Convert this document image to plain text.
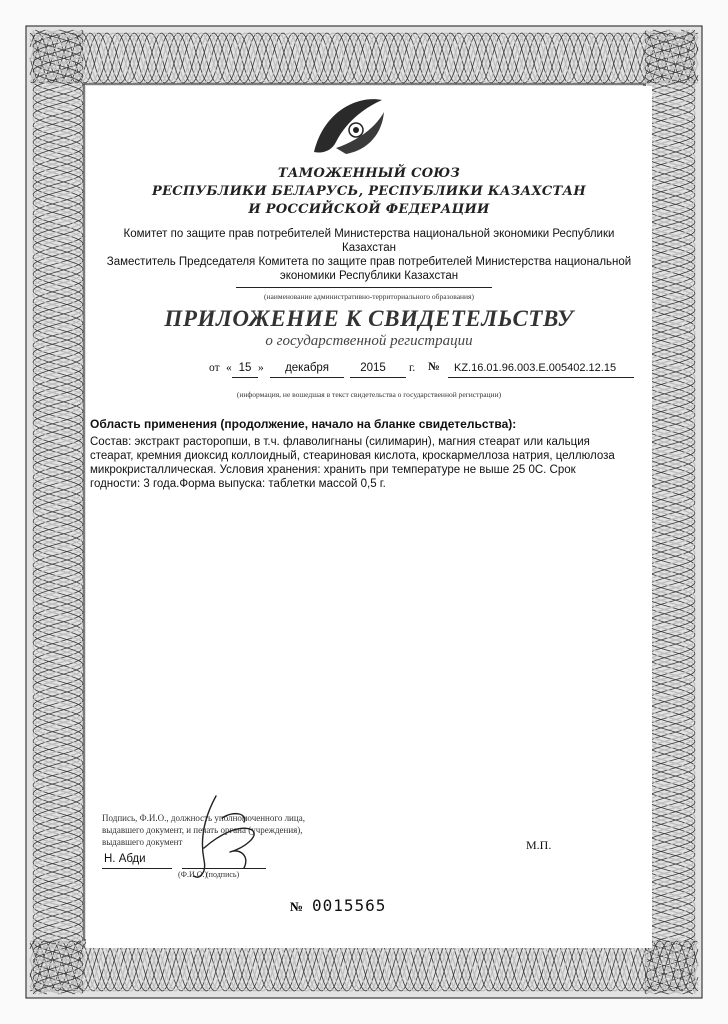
ТАМОЖЕННЫЙ СОЮЗ
РЕСПУБЛИКИ БЕЛАРУСЬ, РЕСПУБЛИКИ КАЗАХСТАН
И РОССИЙСКОЙ ФЕДЕРАЦИИ
Комитет по защите прав потребителей Министерства национальной экономики Республики
Казахстан
Заместитель Председателя Комитета по защите прав потребителей Министерства национальной
экономики Республики Казахстан
(наименование административно-территориального образования)
ПРИЛОЖЕНИЕ К СВИДЕТЕЛЬСТВУ
о государственной регистрации
от « 15 »	декабря	2015	г. № KZ.16.01.96.003.E.005402.12.15
(информация, не вошедшая в текст свидетельства о государственной регистрации)
Область применения (продолжение, начало на бланке свидетельства):
Состав: экстракт расторопши, в т.ч. флаволигнаны (силимарин), магния стеарат или кальция
стеарат, кремния диоксид коллоидный, стеариновая кислота, кроскармеллоза натрия, целлюлоза
микрокристаллическая. Условия хранения: хранить при температуре не выше 25 0С. Срок
годности: 3 года.Форма выпуска: таблетки массой 0,5 г.
Подпись, Ф.И.О., должность уполномоченного лица,
выдавшего документ, и печать органа (учреждения),
выдавшего документ
Н. Абди
(Ф.И.О.)
(подпись)
М.П.
№ 0015565
